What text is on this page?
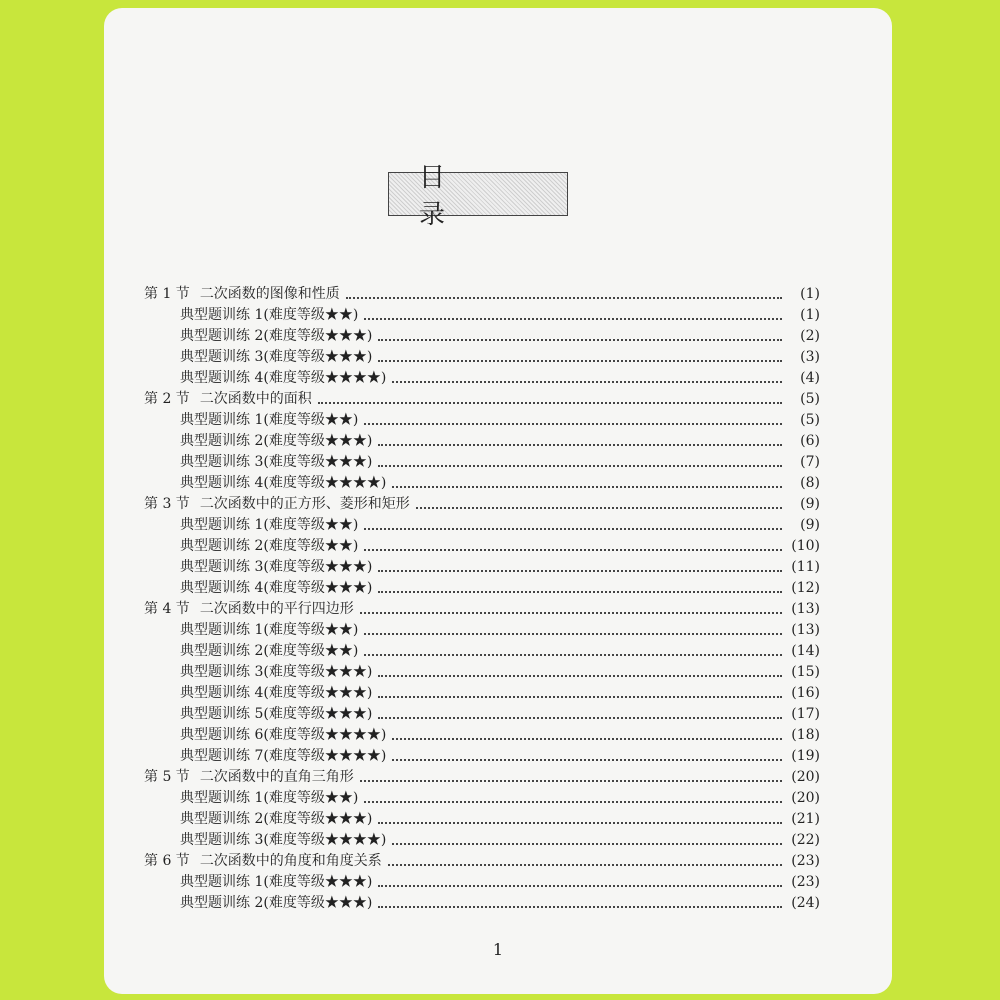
目 录
第 1 节 二次函数的图像和性质	(1)
典型题训练 1(难度等级★★)	(1)
典型题训练 2(难度等级★★★)	(2)
典型题训练 3(难度等级★★★)	(3)
典型题训练 4(难度等级★★★★)	(4)
第 2 节 二次函数中的面积	(5)
典型题训练 1(难度等级★★)	(5)
典型题训练 2(难度等级★★★)	(6)
典型题训练 3(难度等级★★★)	(7)
典型题训练 4(难度等级★★★★)	(8)
第 3 节 二次函数中的正方形、菱形和矩形	(9)
典型题训练 1(难度等级★★)	(9)
典型题训练 2(难度等级★★)	(10)
典型题训练 3(难度等级★★★)	(11)
典型题训练 4(难度等级★★★)	(12)
第 4 节 二次函数中的平行四边形	(13)
典型题训练 1(难度等级★★)	(13)
典型题训练 2(难度等级★★)	(14)
典型题训练 3(难度等级★★★)	(15)
典型题训练 4(难度等级★★★)	(16)
典型题训练 5(难度等级★★★)	(17)
典型题训练 6(难度等级★★★★)	(18)
典型题训练 7(难度等级★★★★)	(19)
第 5 节 二次函数中的直角三角形	(20)
典型题训练 1(难度等级★★)	(20)
典型题训练 2(难度等级★★★)	(21)
典型题训练 3(难度等级★★★★)	(22)
第 6 节 二次函数中的角度和角度关系	(23)
典型题训练 1(难度等级★★★)	(23)
典型题训练 2(难度等级★★★)	(24)
1
